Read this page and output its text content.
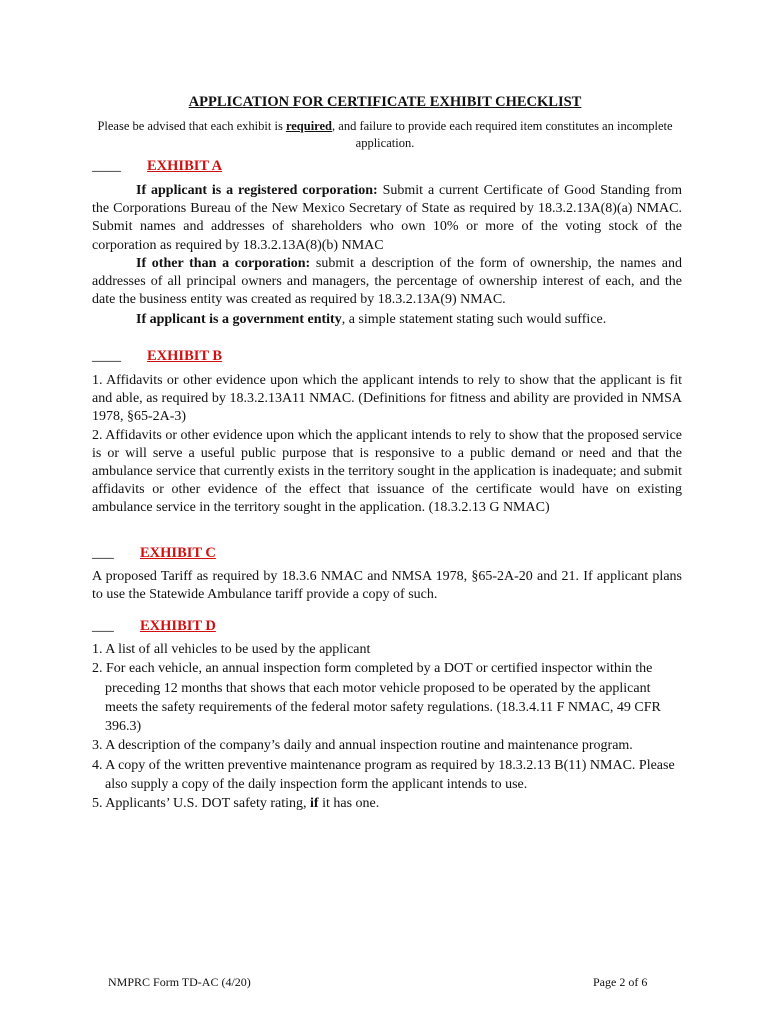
APPLICATION FOR CERTIFICATE EXHIBIT CHECKLIST
Please be advised that each exhibit is required, and failure to provide each required item constitutes an incomplete application.
____ EXHIBIT A

If applicant is a registered corporation: Submit a current Certificate of Good Standing from the Corporations Bureau of the New Mexico Secretary of State as required by 18.3.2.13A(8)(a) NMAC. Submit names and addresses of shareholders who own 10% or more of the voting stock of the corporation as required by 18.3.2.13A(8)(b) NMAC

If other than a corporation: submit a description of the form of ownership, the names and addresses of all principal owners and managers, the percentage of ownership interest of each, and the date the business entity was created as required by 18.3.2.13A(9) NMAC.

If applicant is a government entity, a simple statement stating such would suffice.

____ EXHIBIT B

1. Affidavits or other evidence upon which the applicant intends to rely to show that the applicant is fit and able, as required by 18.3.2.13A11 NMAC. (Definitions for fitness and ability are provided in NMSA 1978, §65-2A-3)

2. Affidavits or other evidence upon which the applicant intends to rely to show that the proposed service is or will serve a useful public purpose that is responsive to a public demand or need and that the ambulance service that currently exists in the territory sought in the application is inadequate; and submit affidavits or other evidence of the effect that issuance of the certificate would have on existing ambulance service in the territory sought in the application. (18.3.2.13 G NMAC)

___ EXHIBIT C

A proposed Tariff as required by 18.3.6 NMAC and NMSA 1978, §65-2A-20 and 21. If applicant plans to use the Statewide Ambulance tariff provide a copy of such.

___ EXHIBIT D

1. A list of all vehicles to be used by the applicant

2. For each vehicle, an annual inspection form completed by a DOT or certified inspector within the preceding 12 months that shows that each motor vehicle proposed to be operated by the applicant meets the safety requirements of the federal motor safety regulations. (18.3.4.11 F NMAC, 49 CFR 396.3)

3. A description of the company’s daily and annual inspection routine and maintenance program.

4. A copy of the written preventive maintenance program as required by 18.3.2.13 B(11) NMAC. Please also supply a copy of the daily inspection form the applicant intends to use.

5. Applicants’ U.S. DOT safety rating, if it has one.

NMPRC Form TD-AC (4/20)	Page 2 of 6
